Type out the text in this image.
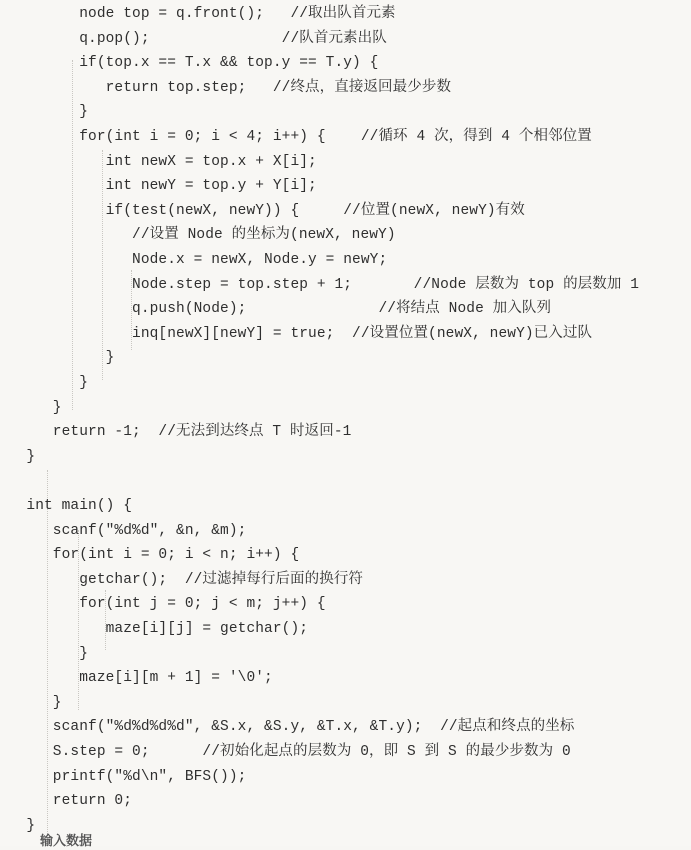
node top = q.front();   //取出队首元素
q.pop();               //队首元素出队
if(top.x == T.x && top.y == T.y) {
return top.step;   //终点，直接返回最少步数
}
for(int i = 0; i < 4; i++) {    //循环 4 次，得到 4 个相邻位置
int newX = top.x + X[i];
int newY = top.y + Y[i];
if(test(newX, newY)) {     //位置(newX, newY)有效
//设置 Node 的坐标为(newX, newY)
Node.x = newX, Node.y = newY;
Node.step = top.step + 1;       //Node 层数为 top 的层数加 1
q.push(Node);               //将结点 Node 加入队列
inq[newX][newY] = true;  //设置位置(newX, newY)已入过队
}
}
}
return -1;  //无法到达终点 T 时返回-1
}
int main() {
scanf("%d%d", &n, &m);
for(int i = 0; i < n; i++) {
getchar();  //过滤掉每行后面的换行符
for(int j = 0; j < m; j++) {
maze[i][j] = getchar();
}
maze[i][m + 1] = '\0';
}
scanf("%d%d%d%d", &S.x, &S.y, &T.x, &T.y);  //起点和终点的坐标
S.step = 0;      //初始化起点的层数为 0，即 S 到 S 的最少步数为 0
printf("%d\n", BFS());
return 0;
}
输入数据
